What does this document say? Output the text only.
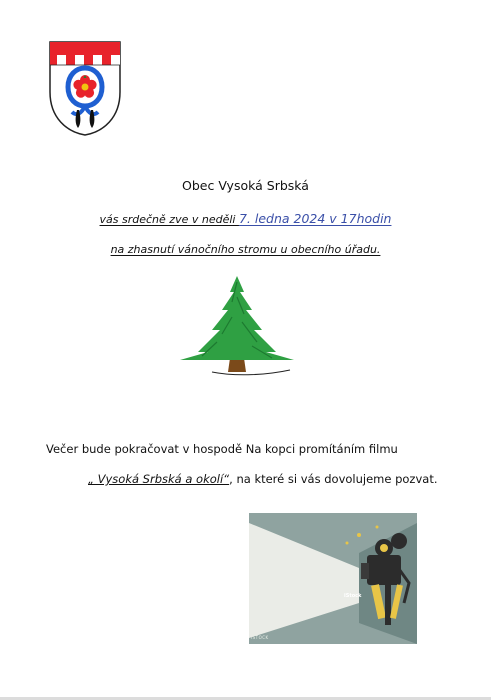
Obec Vysoká Srbská
vás srdečně zve v neděli 7. ledna 2024 v 17hodin
na zhasnutí vánočního stromu u obecního úřadu.
Večer bude pokračovat v hospodě Na kopci promítáním filmu
„ Vysoká Srbská a okolí“, na které si vás dovolujeme pozvat.
iStock
iSTOCK
